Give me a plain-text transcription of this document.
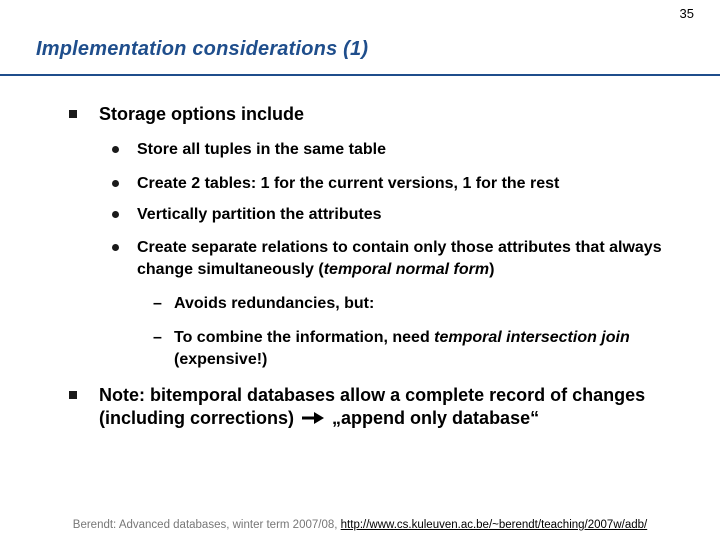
35
Implementation considerations (1)
Storage options include
Store all tuples in the same table
Create 2 tables: 1 for the current versions, 1 for the rest
Vertically partition the attributes
Create separate relations to contain only those attributes that always change simultaneously (temporal normal form)
– Avoids redundancies, but:
– To combine the information, need temporal intersection join (expensive!)
Note: bitemporal databases allow a complete record of changes (including corrections) „append only database“
Berendt: Advanced databases, winter term 2007/08, http://www.cs.kuleuven.ac.be/~berendt/teaching/2007w/adb/
